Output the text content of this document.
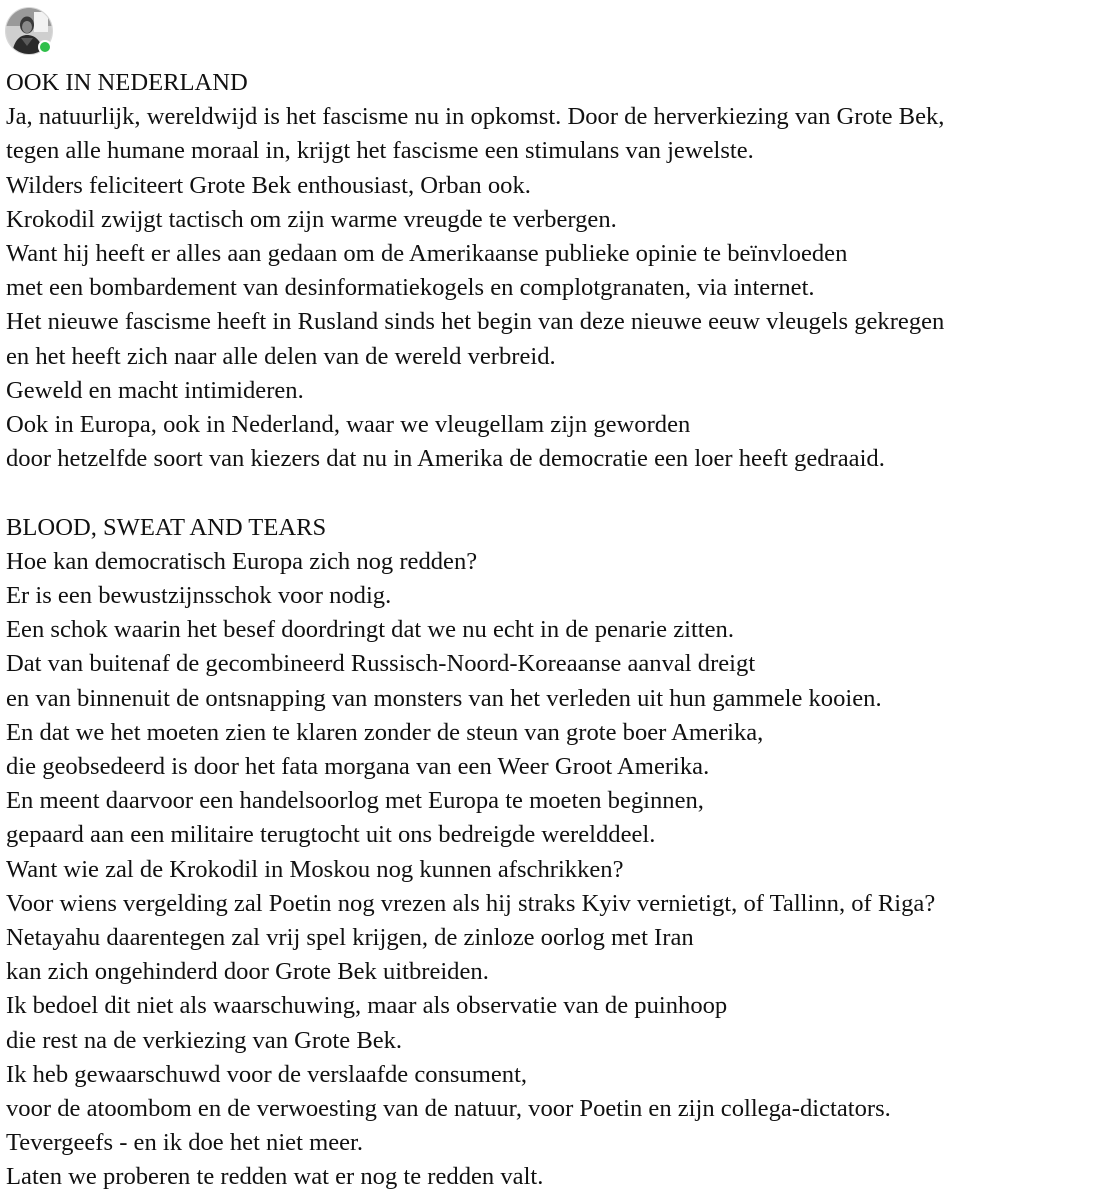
OOK IN NEDERLAND
Ja, natuurlijk, wereldwijd is het fascisme nu in opkomst. Door de herverkiezing van Grote Bek,
tegen alle humane moraal in, krijgt het fascisme een stimulans van jewelste.
Wilders feliciteert Grote Bek enthousiast, Orban ook.
Krokodil zwijgt tactisch om zijn warme vreugde te verbergen.
Want hij heeft er alles aan gedaan om de Amerikaanse publieke opinie te beïnvloeden
met een bombardement van desinformatiekogels en complotgranaten, via internet.
Het nieuwe fascisme heeft in Rusland sinds het begin van deze nieuwe eeuw vleugels gekregen
en het heeft zich naar alle delen van de wereld verbreid.
Geweld en macht intimideren.
Ook in Europa, ook in Nederland, waar we vleugellam zijn geworden
door hetzelfde soort van kiezers dat nu in Amerika de democratie een loer heeft gedraaid.
BLOOD, SWEAT AND TEARS
Hoe kan democratisch Europa zich nog redden?
Er is een bewustzijnsschok voor nodig.
Een schok waarin het besef doordringt dat we nu echt in de penarie zitten.
Dat van buitenaf de gecombineerd Russisch-Noord-Koreaanse aanval dreigt
en van binnenuit de ontsnapping van monsters van het verleden uit hun gammele kooien.
En dat we het moeten zien te klaren zonder de steun van grote boer Amerika,
die geobsedeerd is door het fata morgana van een Weer Groot Amerika.
En meent daarvoor een handelsoorlog met Europa te moeten beginnen,
gepaard aan een militaire terugtocht uit ons bedreigde werelddeel.
Want wie zal de Krokodil in Moskou nog kunnen afschrikken?
Voor wiens vergelding zal Poetin nog vrezen als hij straks Kyiv vernietigt, of Tallinn, of Riga?
Netayahu daarentegen zal vrij spel krijgen, de zinloze oorlog met Iran
kan zich ongehinderd door Grote Bek uitbreiden.
Ik bedoel dit niet als waarschuwing, maar als observatie van de puinhoop
die rest na de verkiezing van Grote Bek.
Ik heb gewaarschuwd voor de verslaafde consument,
voor de atoombom en de verwoesting van de natuur, voor Poetin en zijn collega-dictators.
Tevergeefs - en ik doe het niet meer.
Laten we proberen te redden wat er nog te redden valt.
